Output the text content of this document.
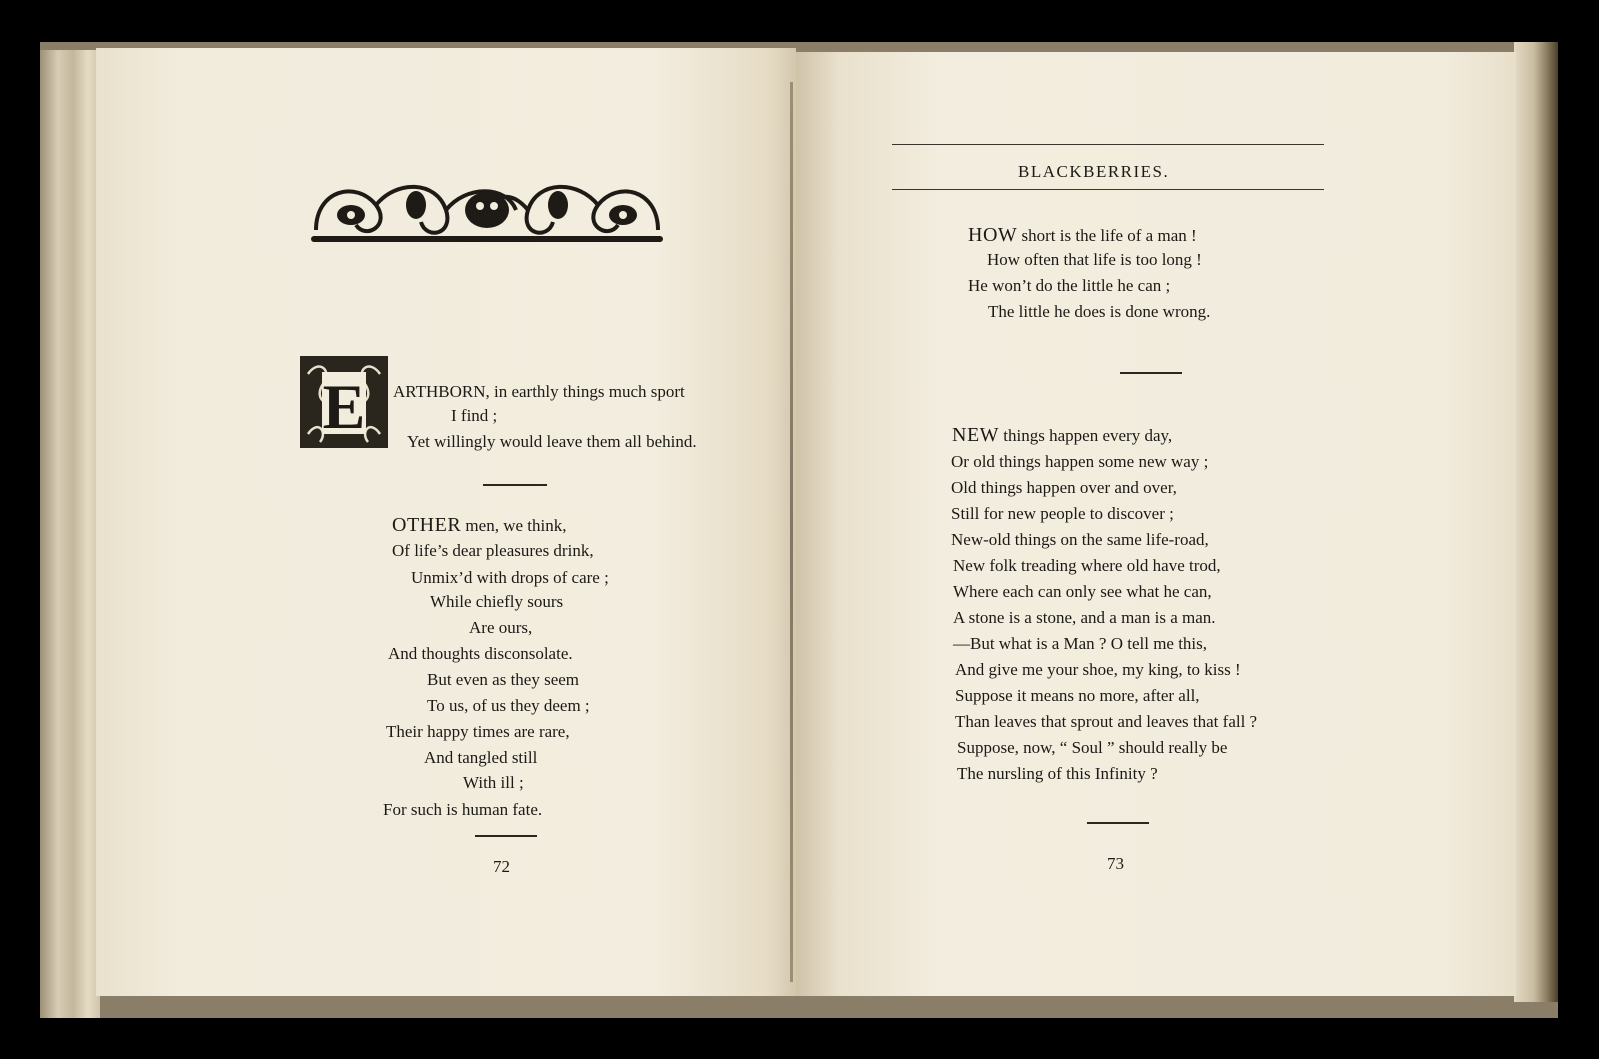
E ARTHBORN, in earthly things much sport
I find ;
Yet willingly would leave them all behind.
OTHER men, we think,
Of life’s dear pleasures drink,
Unmix’d with drops of care ;
While chiefly sours
Are ours,
And thoughts disconsolate.
But even as they seem
To us, of us they deem ;
Their happy times are rare,
And tangled still
With ill ;
For such is human fate.
72
BLACKBERRIES.
HOW short is the life of a man !
How often that life is too long !
He won’t do the little he can ;
The little he does is done wrong.
NEW things happen every day,
Or old things happen some new way ;
Old things happen over and over,
Still for new people to discover ;
New-old things on the same life-road,
New folk treading where old have trod,
Where each can only see what he can,
A stone is a stone, and a man is a man.
—But what is a Man ? O tell me this,
And give me your shoe, my king, to kiss !
Suppose it means no more, after all,
Than leaves that sprout and leaves that fall ?
Suppose, now, “ Soul ” should really be
The nursling of this Infinity ?
73
